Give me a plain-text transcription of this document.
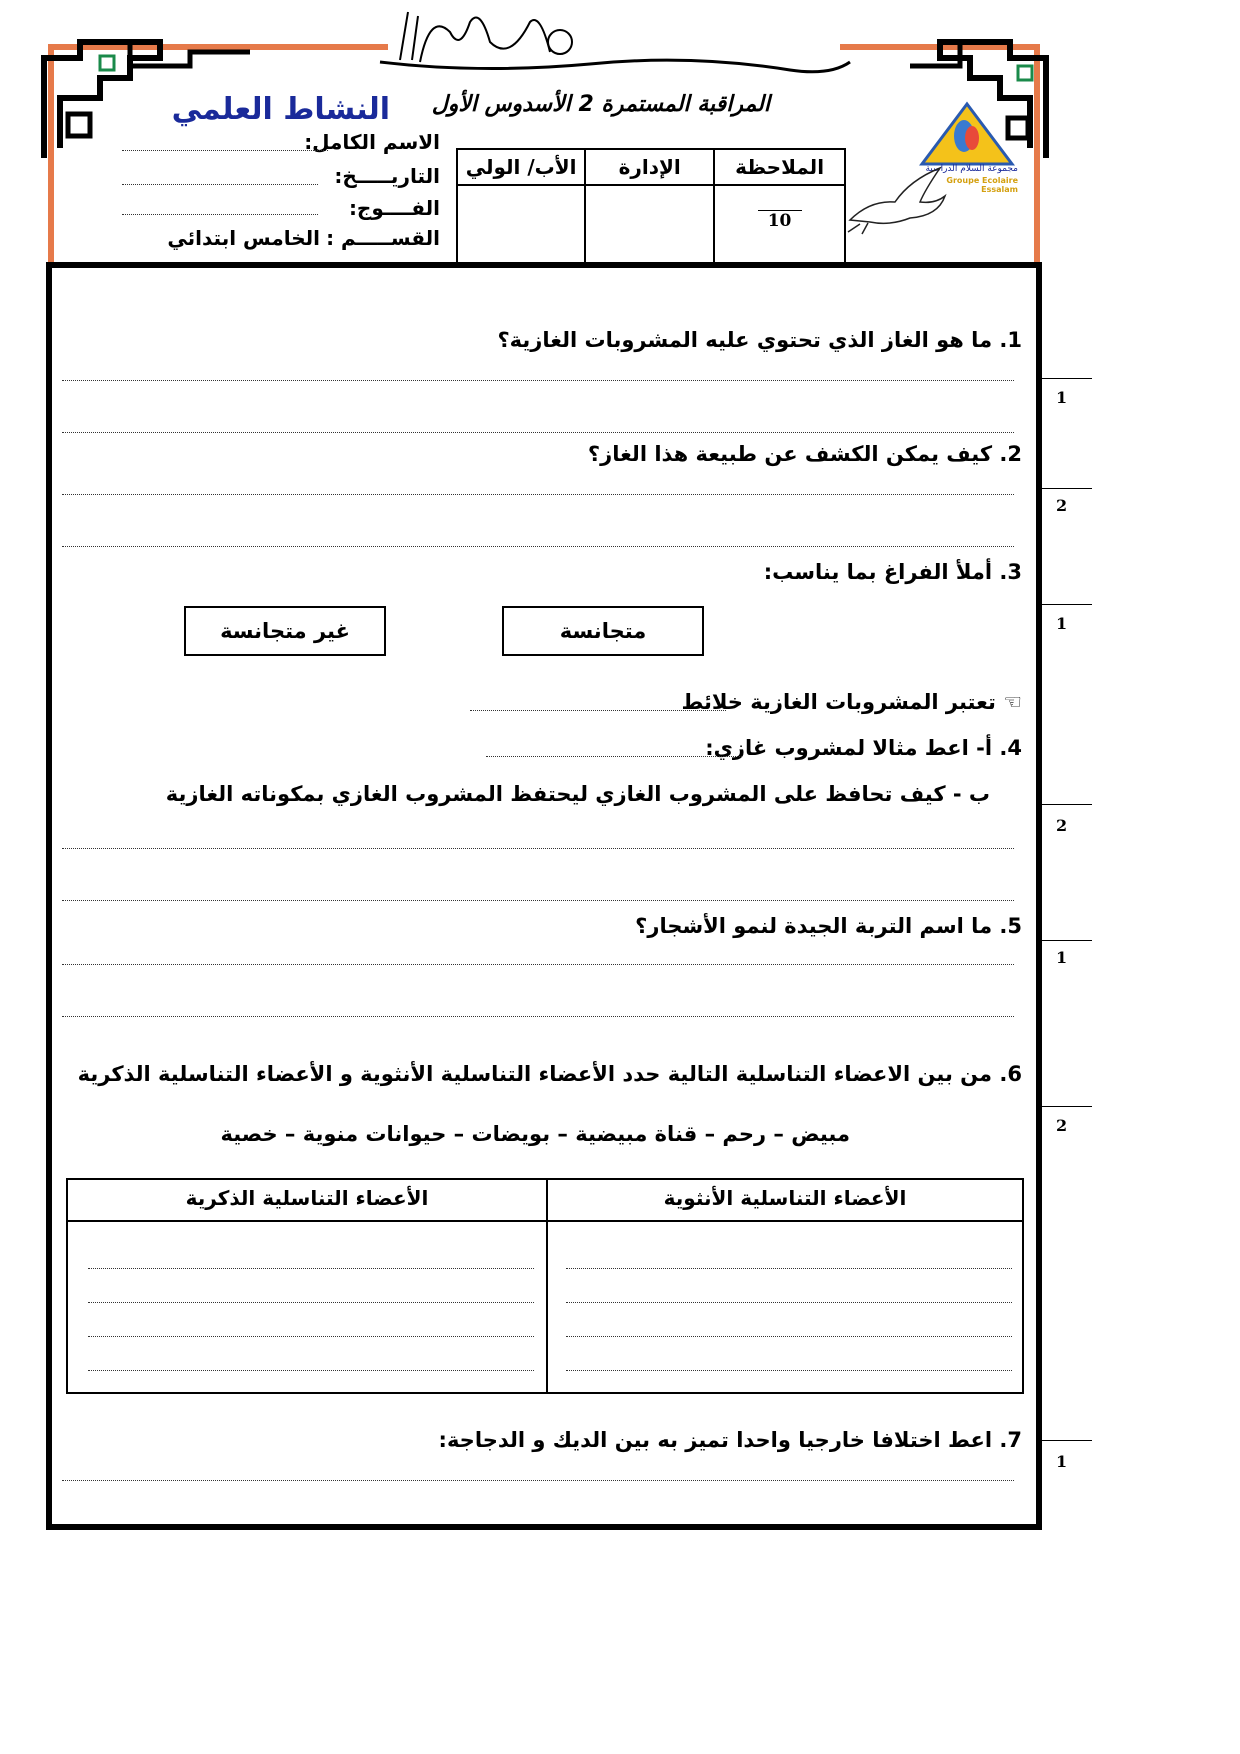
المراقبة المستمرة 2 الأسدوس الأول
النشاط العلمي
مجموعة السلام الدراسية
Groupe Ecolaire Essalam
الاسم الكامل:
التاريـــــخ:
الفــــوج:
القســـــم :
الخامس ابتدائي
الأب/ الولي	الإدارة	الملاحظة

		10
1
2
1
2
1
2
1
1. ما هو الغاز الذي تحتوي عليه المشروبات الغازية؟
2. كيف يمكن الكشف عن طبيعة هذا الغاز؟
3. أملأ الفراغ بما يناسب:
متجانسة
غير متجانسة
☜ تعتبر المشروبات الغازية خلائط
4. أ- اعط مثالا لمشروب غازي:
ب - كيف تحافظ على المشروب الغازي ليحتفظ المشروب الغازي بمكوناته الغازية
5. ما اسم التربة الجيدة لنمو الأشجار؟
6. من بين الاعضاء التناسلية التالية حدد الأعضاء التناسلية الأنثوية و الأعضاء التناسلية الذكرية
مبيض – رحم – قناة مبيضية – بويضات – حيوانات منوية – خصية
الأعضاء التناسلية الأنثوية
الأعضاء التناسلية الذكرية
7. اعط اختلافا خارجيا واحدا تميز به بين الديك و الدجاجة:
